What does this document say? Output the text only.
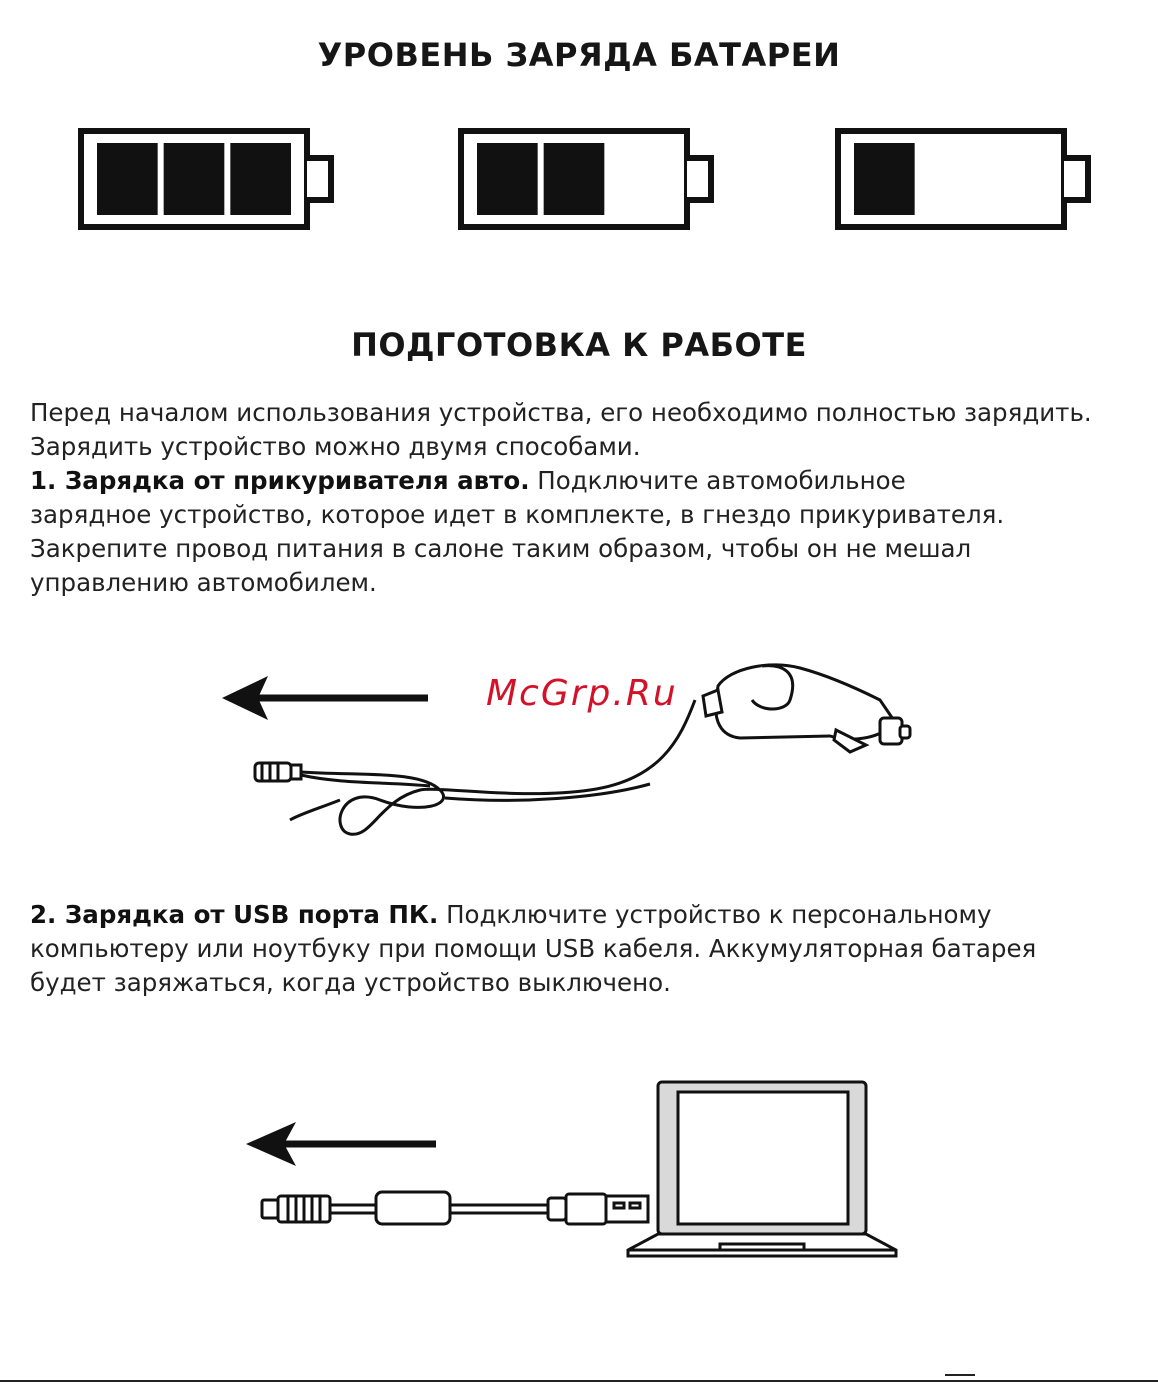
УРОВЕНЬ ЗАРЯДА БАТАРЕИ
ПОДГОТОВКА К РАБОТЕ
Перед началом использования устройства, его необходимо полностью зарядить.
Зарядить устройство можно двумя способами.
1. Зарядка от прикуривателя авто. Подключите автомобильное зарядное устройство, которое идет в комплекте, в гнездо прикуривателя.
Закрепите провод питания в салоне таким образом, чтобы он не мешал управлению автомобилем.
McGrp.Ru
2. Зарядка от USB порта ПК. Подключите устройство к персональному компьютеру или ноутбуку при помощи USB кабеля. Аккумуляторная батарея будет заряжаться, когда устройство выключено.
